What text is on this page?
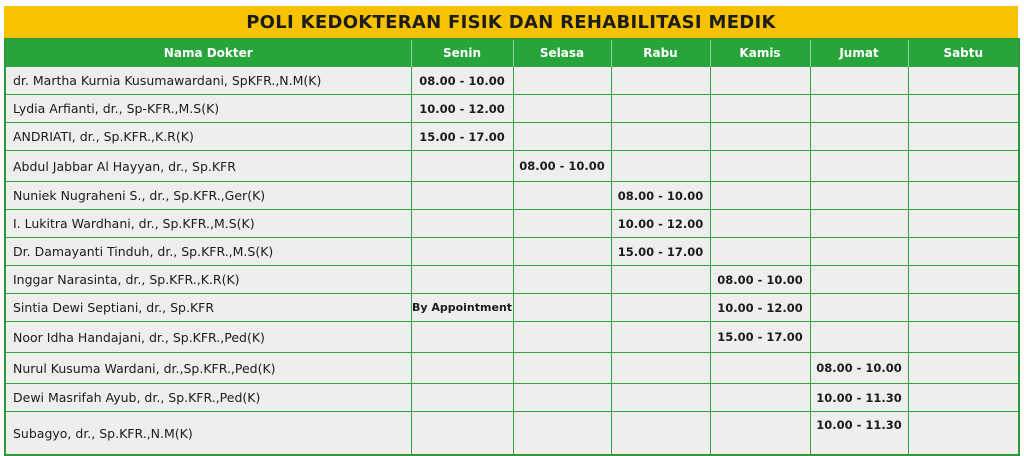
POLI KEDOKTERAN FISIK DAN REHABILITASI MEDIK
Nama Dokter	Senin	Selasa	Rabu	Kamis	Jumat	Sabtu
dr. Martha Kurnia Kusumawardani, SpKFR.,N.M(K)	08.00 - 10.00					
Lydia Arfianti, dr., Sp-KFR.,M.S(K)	10.00 - 12.00					
ANDRIATI, dr., Sp.KFR.,K.R(K)	15.00 - 17.00					
Abdul Jabbar Al Hayyan, dr., Sp.KFR		08.00 - 10.00				
Nuniek Nugraheni S., dr., Sp.KFR.,Ger(K)			08.00 - 10.00			
I. Lukitra Wardhani, dr., Sp.KFR.,M.S(K)			10.00 - 12.00			
Dr. Damayanti Tinduh, dr., Sp.KFR.,M.S(K)			15.00 - 17.00			
Inggar Narasinta, dr., Sp.KFR.,K.R(K)				08.00 - 10.00		
Sintia Dewi Septiani, dr., Sp.KFR	By Appointment			10.00 - 12.00		
Noor Idha Handajani, dr., Sp.KFR.,Ped(K)				15.00 - 17.00		
Nurul Kusuma Wardani, dr.,Sp.KFR.,Ped(K)					08.00 - 10.00	
Dewi Masrifah Ayub, dr., Sp.KFR.,Ped(K)					10.00 - 11.30	
Subagyo, dr., Sp.KFR.,N.M(K)					10.00 - 11.30	
